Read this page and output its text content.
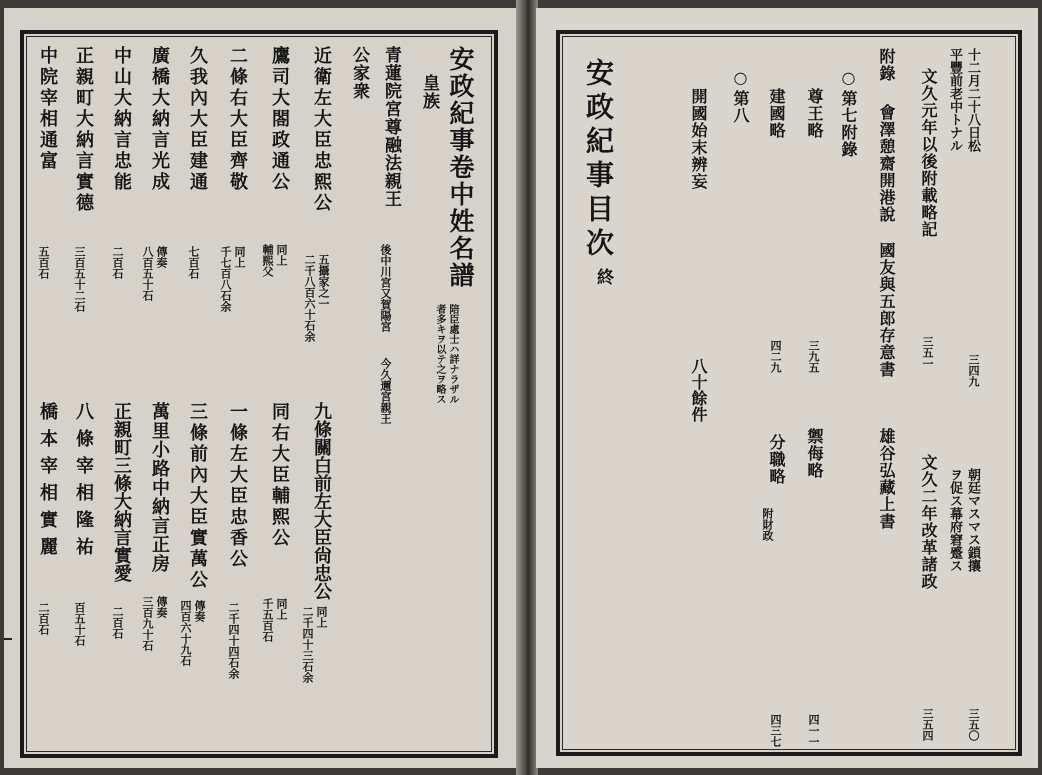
安政紀事卷中姓名譜
陪臣處士ハ詳ナラザル
者多キヲ以テ之ヲ略ス
皇族
青蓮院宮尊融法親王
後中川宮又賀陽宮
今久邇宮親王
公家衆
近衛左大臣忠熙公
五攝家之一
二千八百六十石余
鷹司大閤政通公
同上
輔熙父
二條右大臣齊敬
同上
千七百八石余
久我內大臣建通
七百石
廣橋大納言光成
傳奏
八百五十石
中山大納言忠能
二百石
正親町大納言實德
三百五十二石
中院宰相通富
五百石
九條關白前左大臣尙忠公
同上
二千四十三石余
同右大臣輔熙公
同上
千五百石
一條左大臣忠香公
二千四十四石余
三條前內大臣實萬公
傳奏
四百六十九石
萬里小路中納言正房
傳奏
三百九十石
正親町三條大納言實愛
二百石
八條宰相隆祐
百五十石
橋本宰相實麗
二百石
十二月二十八日松
三四九
朝廷マスマス鎖攘
三五〇
平豐前老中トナル
ヲ促ス幕府窘蹙ス
文久元年以後附載略記
三五一
文久二年改革諸政
三五四
附錄
會澤憩齋開港說
國友與五郎存意書
雄谷弘藏上書
○
第七附錄
尊王略
三九五
禦侮略
四一一
建國略
四二九
分職略
附財政
四三七
○
第八
開國始末辨妄
八十餘件
安政紀事目次
終
